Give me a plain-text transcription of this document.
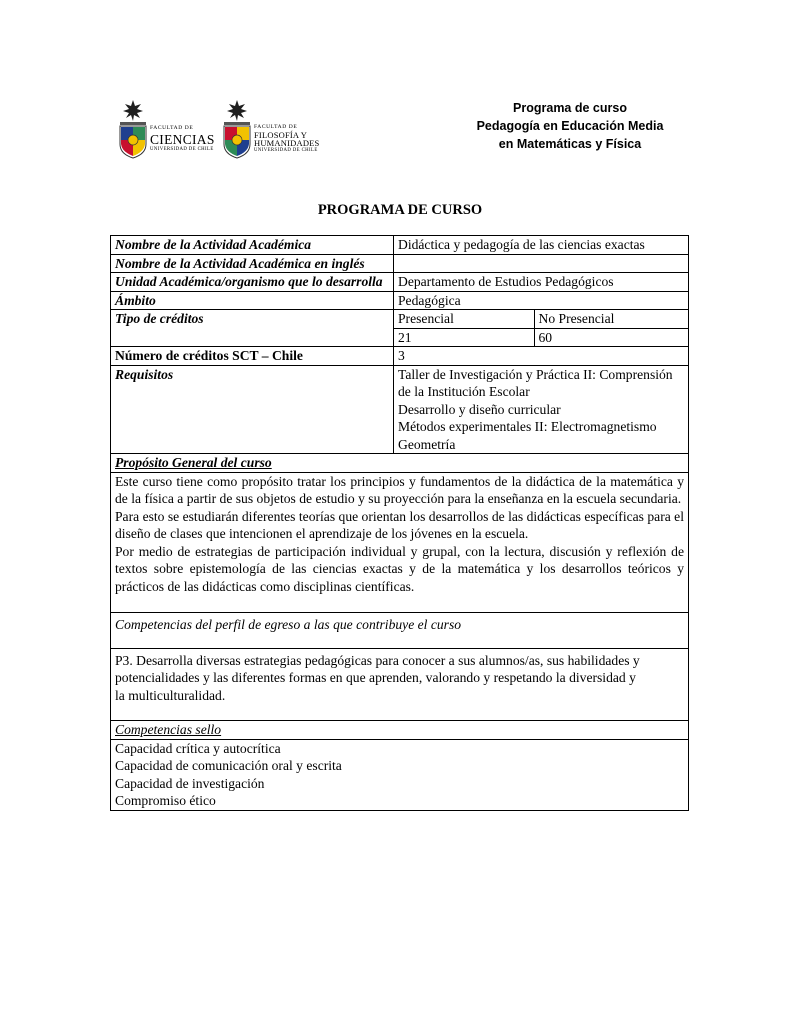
FACULTAD DE
CIENCIAS
UNIVERSIDAD DE CHILE
FACULTAD DE
FILOSOFÍA Y
HUMANIDADES
UNIVERSIDAD DE CHILE
Programa de curso
Pedagogía en Educación Media
en Matemáticas y Física
PROGRAMA DE CURSO
Nombre de la Actividad Académica	Didáctica y pedagogía de las ciencias exactas
Nombre de la Actividad Académica en inglés	
Unidad Académica/organismo que lo desarrolla	Departamento de Estudios Pedagógicos
Ámbito	Pedagógica
Tipo de créditos		Presencial	No Presencial
21	60

Número de créditos SCT – Chile	3
Requisitos	Taller de Investigación y Práctica II: Comprensión de la Institución Escolar
Desarrollo y diseño curricular
Métodos experimentales II: Electromagnetismo
Geometría

Propósito General del curso

Este curso tiene como propósito tratar los principios y fundamentos de la didáctica de la matemática y de la física a partir de sus objetos de estudio y su proyección para la enseñanza en la escuela secundaria.
Para esto se estudiarán diferentes teorías que orientan los desarrollos de las didácticas específicas para el diseño de clases que intencionen el aprendizaje de los jóvenes en la escuela.
Por medio de estrategias de participación individual y grupal, con la lectura, discusión y reflexión de textos sobre epistemología de las ciencias exactas y de la matemática y los desarrollos teóricos y prácticos de las didácticas como disciplinas científicas.

Competencias del perfil de egreso a las que contribuye el curso
P3. Desarrolla diversas estrategias pedagógicas para conocer a sus alumnos/as, sus habilidades y potencialidades y las diferentes formas en que aprenden, valorando y respetando la diversidad y la multiculturalidad.
Competencias sello

Capacidad crítica y autocrítica
Capacidad de comunicación oral y escrita
Capacidad de investigación
Compromiso ético
